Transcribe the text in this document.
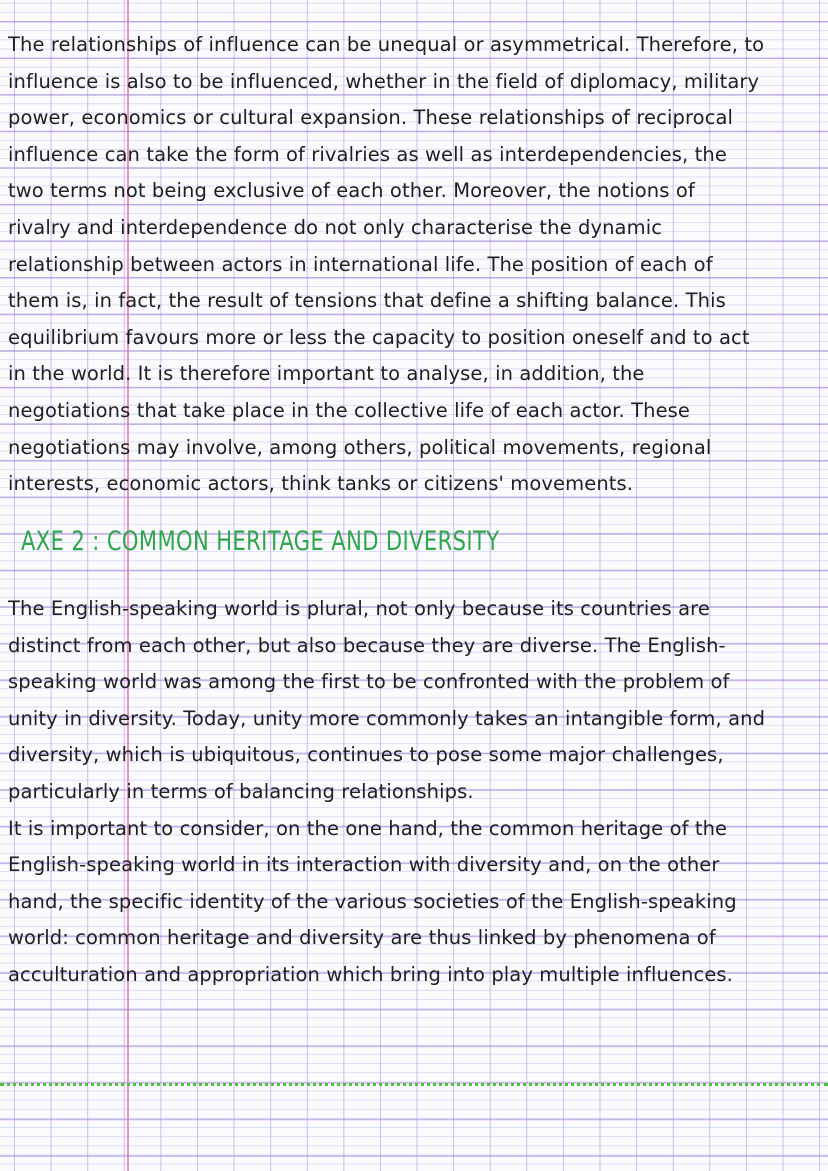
The relationships of influence can be unequal or asymmetrical. Therefore, to
influence is also to be influenced, whether in the field of diplomacy, military
power, economics or cultural expansion. These relationships of reciprocal
influence can take the form of rivalries as well as interdependencies, the
two terms not being exclusive of each other. Moreover, the notions of
rivalry and interdependence do not only characterise the dynamic
relationship between actors in international life. The position of each of
them is, in fact, the result of tensions that define a shifting balance. This
equilibrium favours more or less the capacity to position oneself and to act
in the world. It is therefore important to analyse, in addition, the
negotiations that take place in the collective life of each actor. These
negotiations may involve, among others, political movements, regional
interests, economic actors, think tanks or citizens' movements.

AXE 2 : COMMON HERITAGE AND DIVERSITY

The English-speaking world is plural, not only because its countries are
distinct from each other, but also because they are diverse. The English-
speaking world was among the first to be confronted with the problem of
unity in diversity. Today, unity more commonly takes an intangible form, and
diversity, which is ubiquitous, continues to pose some major challenges,
particularly in terms of balancing relationships.
It is important to consider, on the one hand, the common heritage of the
English-speaking world in its interaction with diversity and, on the other
hand, the specific identity of the various societies of the English-speaking
world: common heritage and diversity are thus linked by phenomena of
acculturation and appropriation which bring into play multiple influences.
